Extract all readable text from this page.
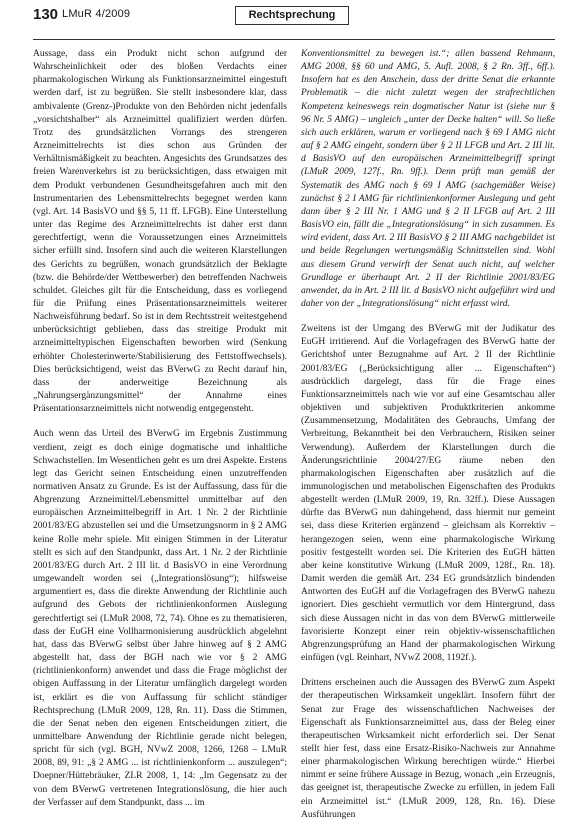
130 LMuR 4/2009	Rechtsprechung

Aussage, dass ein Produkt nicht schon aufgrund der Wahrscheinlichkeit oder des bloßen Verdachts einer pharmakologischen Wirkung als Funktionsarzneimittel eingestuft werden darf, ist zu begrüßen. Sie stellt insbesondere klar, dass ambivalente (Grenz-)Produkte von den Behörden nicht jedenfalls „vorsichtshalber“ als Arzneimittel qualifiziert werden dürfen. Trotz des grundsätzlichen Vorrangs des strengeren Arzneimittelrechts ist dies schon aus Gründen der Verhältnismäßigkeit zu beachten. Angesichts des Grundsatzes des freien Warenverkehrs ist zu berücksichtigen, dass etwaigen mit dem Produkt verbundenen Gesundheitsgefahren auch mit den Instrumentarien des Lebensmittelrechts begegnet werden kann (vgl. Art. 14 BasisVO und §§ 5, 11 ff. LFGB). Eine Unterstellung unter das Regime des Arzneimittelrechts ist daher erst dann gerechtfertigt, wenn die Voraussetzungen eines Arzneimittels sicher erfüllt sind. Insofern sind auch die weiteren Klarstellungen des Gerichts zu begrüßen, wonach grundsätzlich der Beklagte (bzw. die Behörde/der Wettbewerber) den betreffenden Nachweis schuldet. Gleiches gilt für die Entscheidung, dass es vorliegend für die Prüfung eines Präsentationsarzneimittels weiterer Nachweisführung bedarf. So ist in dem Rechtsstreit weitestgehend unberücksichtigt geblieben, dass das streitige Produkt mit arzneimitteltypischen Eigenschaften beworben wird (Senkung erhöhter Cholesterinwerte/Stabilisierung des Fettstoffwechsels). Dies berücksichtigend, weist das BVerwG zu Recht darauf hin, dass der anderweitige Bezeichnung als „Nahrungsergänzungsmittel“ der Annahme eines Präsentationsarzneimittels nicht notwendig entgegensteht.

Auch wenn das Urteil des BVerwG im Ergebnis Zustimmung verdient, zeigt es doch einige dogmatische und inhaltliche Schwachstellen. Im Wesentlichen geht es um drei Aspekte. Erstens legt das Gericht seinen Entscheidung einen unzutreffenden normativen Ansatz zu Grunde. Es ist der Auffassung, dass für die Abgrenzung Arzneimittel/Lebensmittel unmittelbar auf den europäischen Arzneimittelbegriff in Art. 1 Nr. 2 der Richtlinie 2001/83/EG abzustellen sei und die Umsetzungsnorm in § 2 AMG keine Rolle mehr spiele. Mit einigen Stimmen in der Literatur stellt es sich auf den Standpunkt, dass Art. 1 Nr. 2 der Richtlinie 2001/83/EG durch Art. 2 III lit. d BasisVO in eine Verordnung umgewandelt worden sei („Integrationslösung“); hilfsweise argumentiert es, dass die direkte Anwendung der Richtlinie auch aufgrund des Gebots der richtlinienkonformen Auslegung gerechtfertigt sei (LMuR 2008, 72, 74). Ohne es zu thematisieren, dass der EuGH eine Vollharmonisierung ausdrücklich abgelehnt hat, dass das BVerwG selbst über Jahre hinweg auf § 2 AMG abgestellt hat, dass der BGH nach wie vor § 2 AMG (richtlinienkonform) anwendet und dass die Frage möglichst der obigen Auffassung in der Literatur umfänglich dargelegt worden ist, erklärt es die von Auffassung für schlicht ständiger Rechtsprechung (LMuR 2009, 128, Rn. 11). Dass die Stimmen, die der Senat neben den eigenen Entscheidungen zitiert, die unmittelbare Anwendung der Richtlinie gerade nicht belegen, spricht für sich (vgl. BGH, NVwZ 2008, 1266, 1268 – LMuR 2008, 89, 91: „§ 2 AMG ... ist richtlinienkonform ... auszulegen“; Doepner/Hüttebräuker, ZLR 2008, 1, 14: „Im Gegensatz zu der von dem BVerwG vertretenen Integrationslösung, die hier auch der Verfasser auf dem Standpunkt, dass ... im

Konventionsmittel zu bewegen ist.“; allen bassend Rehmann, AMG 2008, §§ 60 und AMG, 5. Aufl. 2008, § 2 Rn. 3ff., 6ff.). Insofern hat es den Anschein, dass der dritte Senat die erkannte Problematik – die nicht zuletzt wegen der strafrechtlichen Kompetenz keineswegs rein dogmatischer Natur ist (siehe nur § 96 Nr. 5 AMG) – ungleich „unter der Decke halten“ will. So ließe sich auch erklären, warum er vorliegend nach § 69 I AMG nicht auf § 2 AMG eingeht, sondern über § 2 II LFGB und Art. 2 III lit. d BasisVO auf den europäischen Arzneimittelbegriff springt (LMuR 2009, 127f., Rn. 9ff.). Denn prüft man gemäß der Systematik des AMG nach § 69 I AMG (sachgemäßer Weise) zunächst § 2 I AMG für richtlinienkonformer Auslegung und geht dann über § 2 III Nr. 1 AMG und § 2 II LFGB auf Art. 2 III BasisVO ein, fällt die „Integrationslösung“ in sich zusammen. Es wird evident, dass Art. 2 III BasisVO § 2 III AMG nachgebildet ist und beide Regelungen wertungsmäßig Schnittstellen sind. Wohl aus diesem Grund verwirft der Senat auch nicht, auf welcher Grundlage er überhaupt Art. 2 II der Richtlinie 2001/83/EG anwendet, da in Art. 2 III lit. d BasisVO nicht aufgeführt wird und daher von der „Integrationslösung“ nicht erfasst wird.

Zweitens ist der Umgang des BVerwG mit der Judikatur des EuGH irritierend. Auf die Vorlagefragen des BVerwG hatte der Gerichtshof unter Bezugnahme auf Art. 2 II der Richtlinie 2001/83/EG („Berücksichtigung aller ... Eigenschaften“) ausdrücklich dargelegt, dass für die Frage eines Funktionsarzneimittels nach wie vor auf eine Gesamtschau aller objektiven und subjektiven Produktkriterien ankomme (Zusammensetzung, Modalitäten des Gebrauchs, Umfang der Verbreitung, Bekanntheit bei den Verbrauchern, Risiken seiner Verwendung). Außerdem der Klarstellungen durch die Änderungsrichtlinie 2004/27/EG räume neben den pharmakologischen Eigenschaften aber zusätzlich auf die immunologischen und metabolischen Eigenschaften des Produkts abgestellt werden (LMuR 2009, 19, Rn. 32ff.). Diese Aussagen dürfte das BVerwG nun dahingehend, dass hiermit nur gemeint sei, dass diese Kriterien ergänzend – gleichsam als Korrektiv – herangezogen seien, wenn eine pharmakologische Wirkung positiv festgestellt worden sei. Die Kriterien des EuGH hätten aber keine konstitutive Wirkung (LMuR 2009, 128f., Rn. 18). Damit werden die gemäß Art. 234 EG grundsätzlich bindenden Antworten des EuGH auf die Vorlagefragen des BVerwG nahezu ignoriert. Dies geschieht vermutlich vor dem Hintergrund, dass sich diese Aussagen nicht in das von dem BVerwG mittlerweile favorisierte Konzept einer rein objektiv-wissenschaftlichen Abgrenzungsprüfung an Hand der pharmakologischen Wirkung einfügen (vgl. Reinhart, NVwZ 2008, 1192f.).

Drittens erscheinen auch die Aussagen des BVerwG zum Aspekt der therapeutischen Wirksamkeit ungeklärt. Insofern führt der Senat zur Frage des wissenschaftlichen Nachweises der Eigenschaft als Funktionsarzneimittel aus, dass der Beleg einer therapeutischen Wirksamkeit nicht erforderlich sei. Der Senat stellt hier fest, dass eine Ersatz-Risiko-Nachweis zur Annahme einer pharmakologischen Wirkung berechtigen würde.“ Hierbei nimmt er seine frühere Aussage in Bezug, wonach „ein Erzeugnis, das geeignet ist, therapeutische Zwecke zu erfüllen, in jedem Fall ein Arzneimittel ist.“ (LMuR 2009, 128, Rn. 16). Diese Ausführungen
